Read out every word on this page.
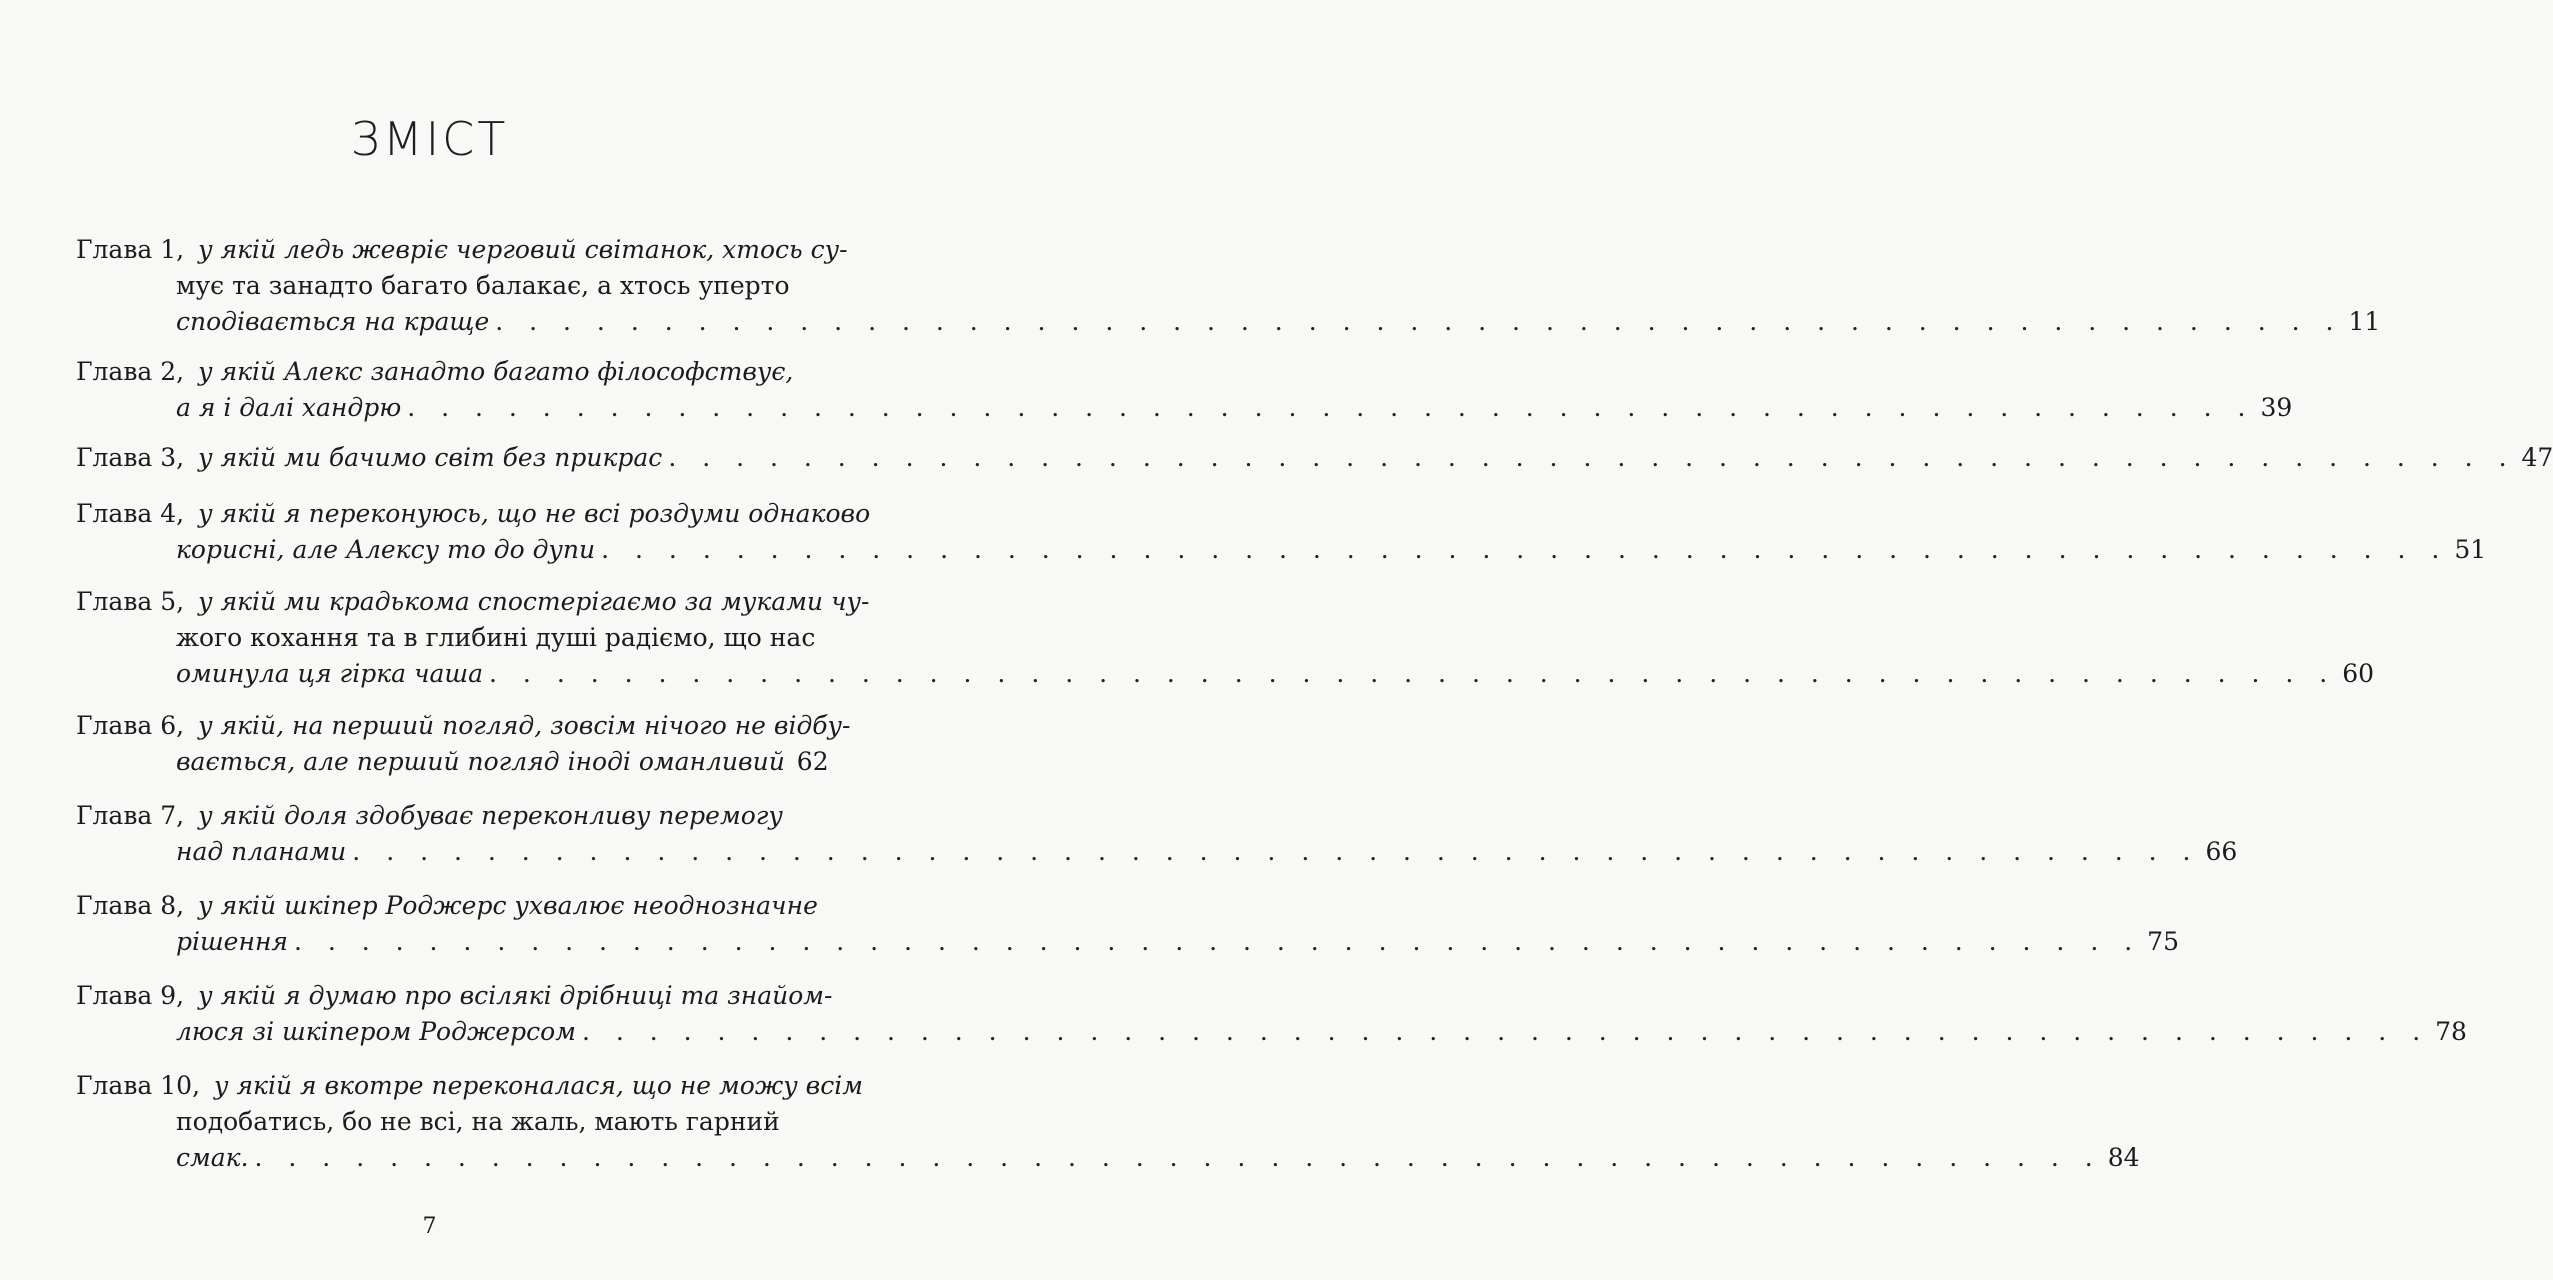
ЗМІСТ
Глава 1, у якій ледь жевріє черговий світанок, хтось су-
мує та занадто багато балакає, а хтось уперто
сподівається на краще . . . . . . . . . . . . . . . . . . . . . . . . . . . . . . . . . . . . . . . . . . . . . . . . . . . . . . . 11
Глава 2, у якій Алекс занадто багато філософствує,
а я і далі хандрю . . . . . . . . . . . . . . . . . . . . . . . . . . . . . . . . . . . . . . . . . . . . . . . . . . . . . . . 39
Глава 3, у якій ми бачимо світ без прикрас . . . . . . . . . . . . . . . . . . . . . . . . . . . . . . . . . . . . . . . . . . . . . . . . . . . . . . . 47
Глава 4, у якій я переконуюсь, що не всі роздуми однаково
корисні, але Алексу то до дупи . . . . . . . . . . . . . . . . . . . . . . . . . . . . . . . . . . . . . . . . . . . . . . . . . . . . . . . 51
Глава 5, у якій ми крадькома спостерігаємо за муками чу-
жого кохання та в глибині душі радіємо, що нас
оминула ця гірка чаша . . . . . . . . . . . . . . . . . . . . . . . . . . . . . . . . . . . . . . . . . . . . . . . . . . . . . . . 60
Глава 6, у якій, на перший погляд, зовсім нічого не відбу-
вається, але перший погляд іноді оманливий 62
Глава 7, у якій доля здобуває переконливу перемогу
над планами . . . . . . . . . . . . . . . . . . . . . . . . . . . . . . . . . . . . . . . . . . . . . . . . . . . . . . . 66
Глава 8, у якій шкіпер Роджерс ухвалює неоднозначне
рішення . . . . . . . . . . . . . . . . . . . . . . . . . . . . . . . . . . . . . . . . . . . . . . . . . . . . . . . 75
Глава 9, у якій я думаю про всілякі дрібниці та знайом-
люся зі шкіпером Роджерсом . . . . . . . . . . . . . . . . . . . . . . . . . . . . . . . . . . . . . . . . . . . . . . . . . . . . . . . 78
Глава 10, у якій я вкотре переконалася, що не можу всім
подобатись, бо не всі, на жаль, мають гарний
смак. . . . . . . . . . . . . . . . . . . . . . . . . . . . . . . . . . . . . . . . . . . . . . . . . . . . . . . . 84
7
